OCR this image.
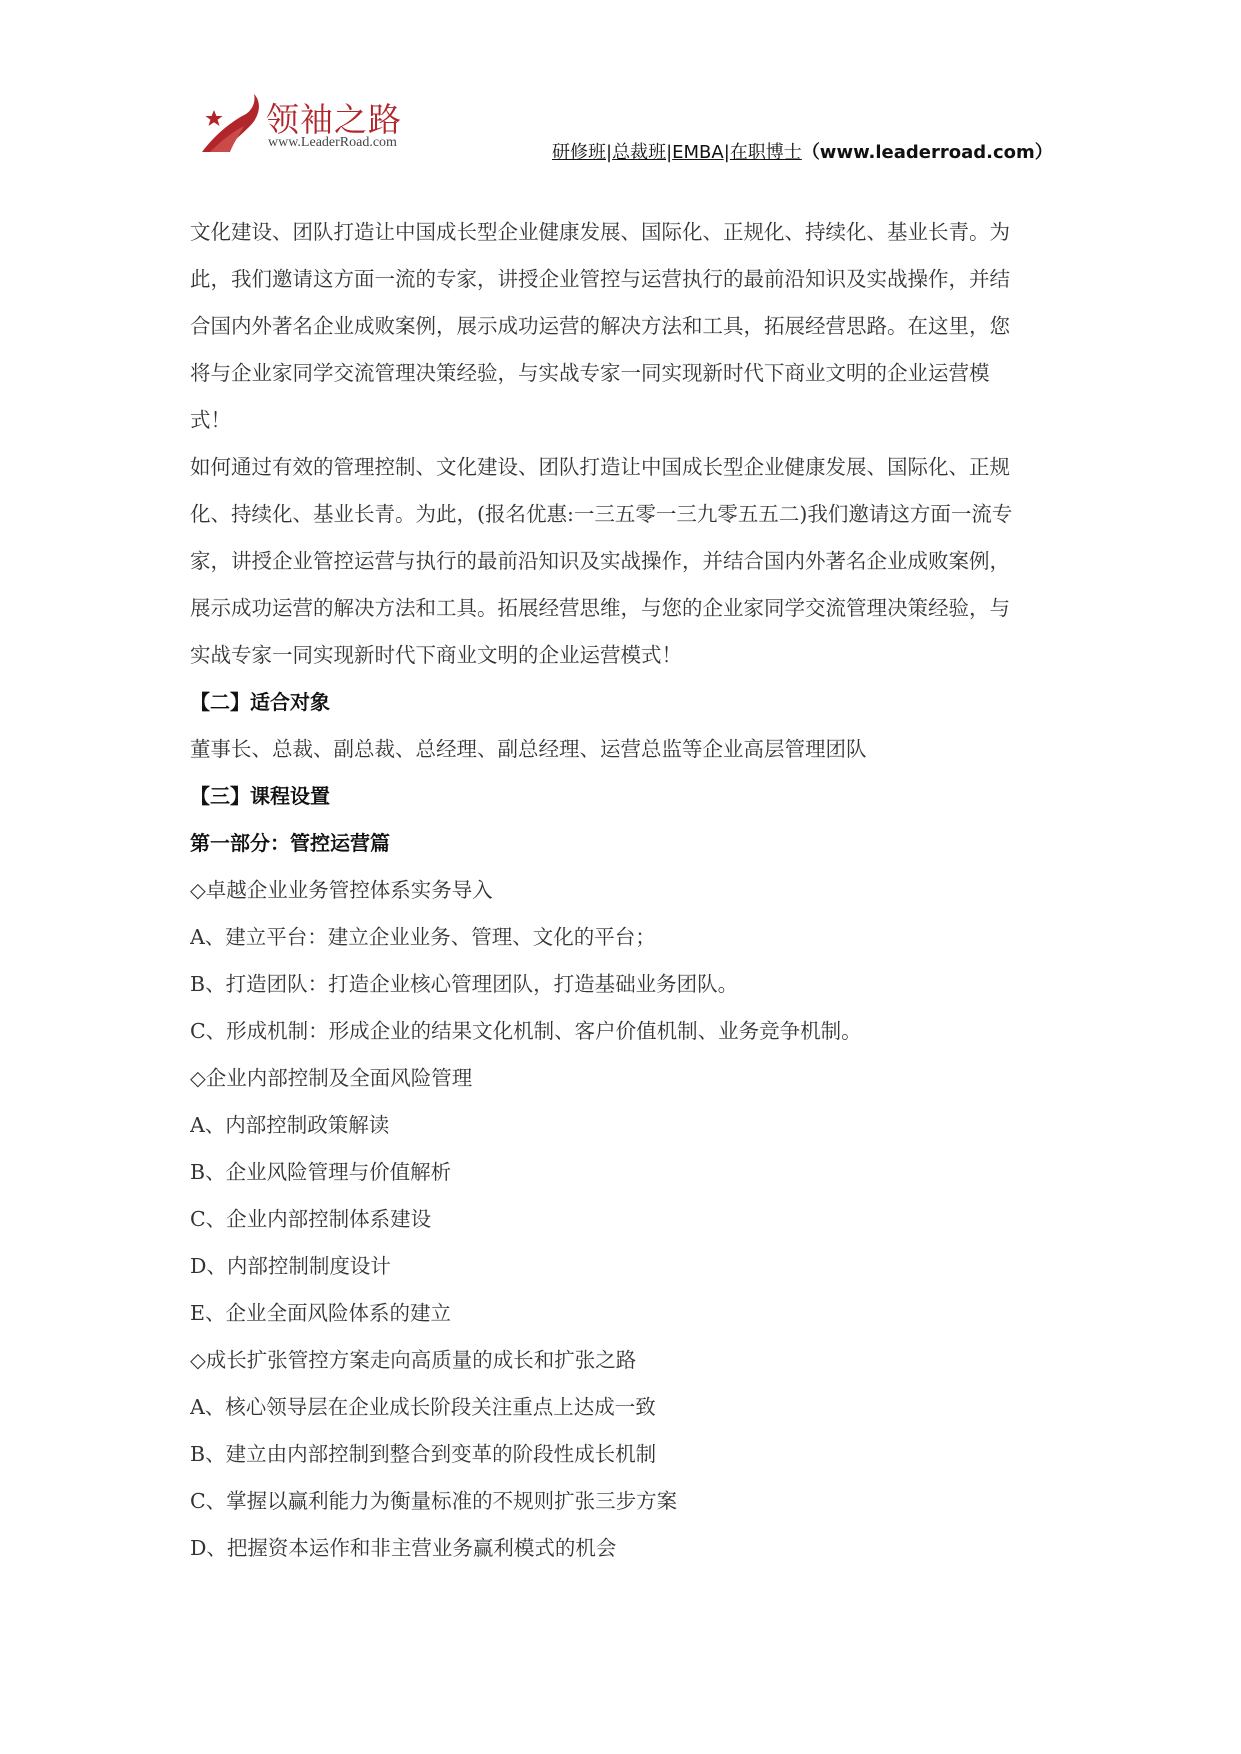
领袖之路
www.LeaderRoad.com	研修班|总裁班|EMBA|在职博士（www.leaderroad.com）
文化建设、团队打造让中国成长型企业健康发展、国际化、正规化、持续化、基业长青。为
此，我们邀请这方面一流的专家，讲授企业管控与运营执行的最前沿知识及实战操作，并结
合国内外著名企业成败案例，展示成功运营的解决方法和工具，拓展经营思路。在这里，您
将与企业家同学交流管理决策经验，与实战专家一同实现新时代下商业文明的企业运营模
式！
如何通过有效的管理控制、文化建设、团队打造让中国成长型企业健康发展、国际化、正规
化、持续化、基业长青。为此，(报名优惠:一三五零一三九零五五二)我们邀请这方面一流专
家，讲授企业管控运营与执行的最前沿知识及实战操作，并结合国内外著名企业成败案例，
展示成功运营的解决方法和工具。拓展经营思维，与您的企业家同学交流管理决策经验，与
实战专家一同实现新时代下商业文明的企业运营模式！
【二】适合对象
董事长、总裁、副总裁、总经理、副总经理、运营总监等企业高层管理团队
【三】课程设置
第一部分：管控运营篇
◇卓越企业业务管控体系实务导入
A、建立平台：建立企业业务、管理、文化的平台；
B、打造团队：打造企业核心管理团队，打造基础业务团队。
C、形成机制：形成企业的结果文化机制、客户价值机制、业务竞争机制。
◇企业内部控制及全面风险管理
A、内部控制政策解读
B、企业风险管理与价值解析
C、企业内部控制体系建设
D、内部控制制度设计
E、企业全面风险体系的建立
◇成长扩张管控方案走向高质量的成长和扩张之路
A、核心领导层在企业成长阶段关注重点上达成一致
B、建立由内部控制到整合到变革的阶段性成长机制
C、掌握以赢利能力为衡量标准的不规则扩张三步方案
D、把握资本运作和非主营业务赢利模式的机会
